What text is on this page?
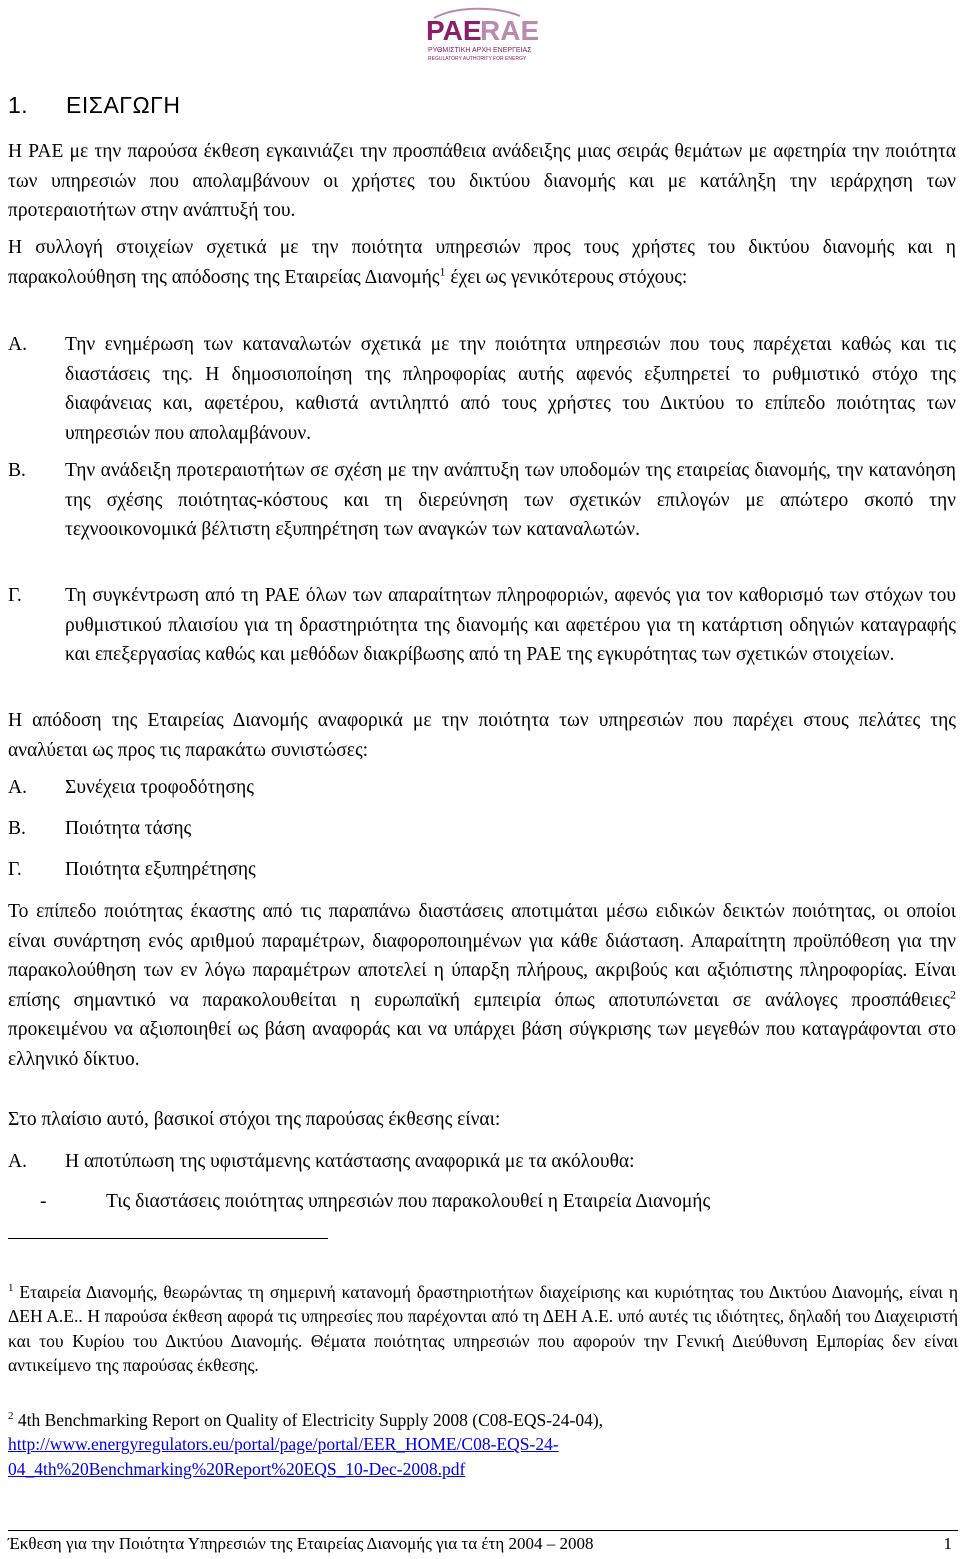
PAE
RAE
ΡΥΘΜΙΣΤΙΚΗ ΑΡΧΗ ΕΝΕΡΓΕΙΑΣ
REGULATORY AUTHORITY FOR ENERGY
1. ΕΙΣΑΓΩΓΗ
Η ΡΑΕ με την παρούσα έκθεση εγκαινιάζει την προσπάθεια ανάδειξης μιας σειράς θεμάτων με αφετηρία την ποιότητα των υπηρεσιών που απολαμβάνουν οι χρήστες του δικτύου διανομής και με κατάληξη την ιεράρχηση των προτεραιοτήτων στην ανάπτυξή του.
Η συλλογή στοιχείων σχετικά με την ποιότητα υπηρεσιών προς τους χρήστες του δικτύου διανομής και η παρακολούθηση της απόδοσης της Εταιρείας Διανομής$^1$ έχει ως γενικότερους στόχους:
Α. Την ενημέρωση των καταναλωτών σχετικά με την ποιότητα υπηρεσιών που τους παρέχεται καθώς και τις διαστάσεις της. Η δημοσιοποίηση της πληροφορίας αυτής αφενός εξυπηρετεί το ρυθμιστικό στόχο της διαφάνειας και, αφετέρου, καθιστά αντιληπτό από τους χρήστες του Δικτύου το επίπεδο ποιότητας των υπηρεσιών που απολαμβάνουν.
Β. Την ανάδειξη προτεραιοτήτων σε σχέση με την ανάπτυξη των υποδομών της εταιρείας διανομής, την κατανόηση της σχέσης ποιότητας-κόστους και τη διερεύνηση των σχετικών επιλογών με απώτερο σκοπό την τεχνοοικονομικά βέλτιστη εξυπηρέτηση των αναγκών των καταναλωτών.
Γ. Τη συγκέντρωση από τη ΡΑΕ όλων των απαραίτητων πληροφοριών, αφενός για τον καθορισμό των στόχων του ρυθμιστικού πλαισίου για τη δραστηριότητα της διανομής και αφετέρου για τη κατάρτιση οδηγιών καταγραφής και επεξεργασίας καθώς και μεθόδων διακρίβωσης από τη ΡΑΕ της εγκυρότητας των σχετικών στοιχείων.
Η απόδοση της Εταιρείας Διανομής αναφορικά με την ποιότητα των υπηρεσιών που παρέχει στους πελάτες της αναλύεται ως προς τις παρακάτω συνιστώσες:
Α. Συνέχεια τροφοδότησης
Β. Ποιότητα τάσης
Γ. Ποιότητα εξυπηρέτησης
Το επίπεδο ποιότητας έκαστης από τις παραπάνω διαστάσεις αποτιμάται μέσω ειδικών δεικτών ποιότητας, οι οποίοι είναι συνάρτηση ενός αριθμού παραμέτρων, διαφοροποιημένων για κάθε διάσταση. Απαραίτητη προϋπόθεση για την παρακολούθηση των εν λόγω παραμέτρων αποτελεί η ύπαρξη πλήρους, ακριβούς και αξιόπιστης πληροφορίας. Είναι επίσης σημαντικό να παρακολουθείται η ευρωπαϊκή εμπειρία όπως αποτυπώνεται σε ανάλογες προσπάθειες$^2$ προκειμένου να αξιοποιηθεί ως βάση αναφοράς και να υπάρχει βάση σύγκρισης των μεγεθών που καταγράφονται στο ελληνικό δίκτυο.
Στο πλαίσιο αυτό, βασικοί στόχοι της παρούσας έκθεσης είναι:
Α. Η αποτύπωση της υφιστάμενης κατάστασης αναφορικά με τα ακόλουθα:
-	Τις διαστάσεις ποιότητας υπηρεσιών που παρακολουθεί η Εταιρεία Διανομής
$^1$ Εταιρεία Διανομής, θεωρώντας τη σημερινή κατανομή δραστηριοτήτων διαχείρισης και κυριότητας του Δικτύου Διανομής, είναι η ΔΕΗ Α.Ε.. Η παρούσα έκθεση αφορά τις υπηρεσίες που παρέχονται από τη ΔΕΗ Α.Ε. υπό αυτές τις ιδιότητες, δηλαδή του Διαχειριστή και του Κυρίου του Δικτύου Διανομής. Θέματα ποιότητας υπηρεσιών που αφορούν την Γενική Διεύθυνση Εμπορίας δεν είναι αντικείμενο της παρούσας έκθεσης.
$^2$ 4th Benchmarking Report on Quality of Electricity Supply 2008 (C08-EQS-24-04),
http://www.energyregulators.eu/portal/page/portal/EER_HOME/C08-EQS-24-
04_4th%20Benchmarking%20Report%20EQS_10-Dec-2008.pdf
Έκθεση για την Ποιότητα Υπηρεσιών της Εταιρείας Διανομής για τα έτη 2004 – 2008	1
